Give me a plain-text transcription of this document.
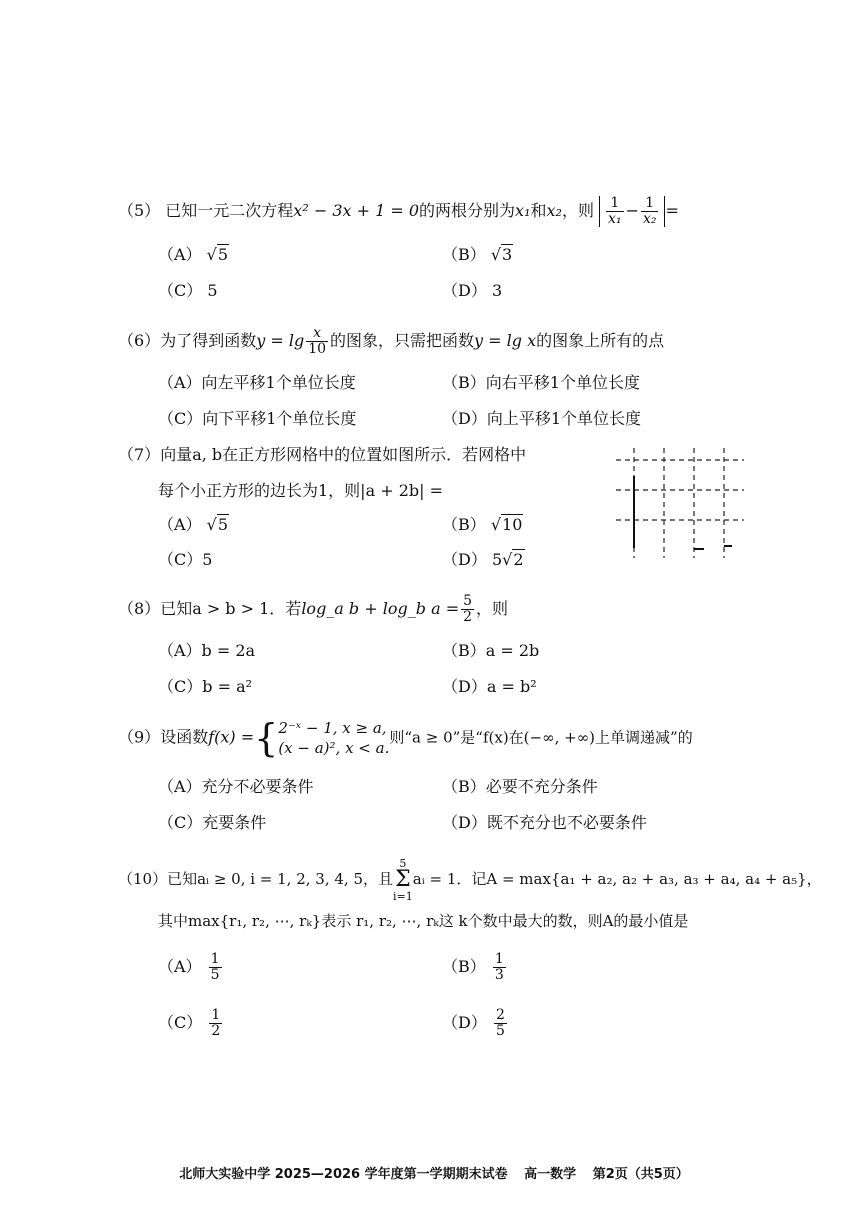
（5） 已知一元二次方程x² − 3x + 1 = 0的两根分别为x₁和x₂，则 $\frac{1}{\text{x₁}} - \frac{1}{\text{x₂}}$ =
（A） √5	（B） √3
（C） 5	（D） 3
（6）为了得到函数$y = \lg \frac{x}{10}$ 的图象，只需把函数y = lg x的图象上所有的点
（A）向左平移1个单位长度	（B）向右平移1个单位长度
（C）向下平移1个单位长度	（D）向上平移1个单位长度
（7）向量a, b在正方形网格中的位置如图所示．若网格中
每个小正方形的边长为1，则|a + 2b| =
（A） √5	（B） √10
（C）5	（D） 5√2
（8）已知a > b > 1．若log_a b + log_b $a = \frac{5}{2}$ ，则
（A）b = 2a	（B）a = 2b
（C）b = a²	（D）a = b²
（9）设函数f(x) ={ 2⁻ˣ − 1, x ≥ a,
(x − a)², x < a.
则“a ≥ 0”是“f(x)在(−∞, +∞)上单调递减”的
（A）充分不必要条件	（B）必要不充分条件
（C）充要条件	（D）既不充分也不必要条件
（10）已知aᵢ ≥ 0, i = 1, 2, 3, 4, 5，且5
Σ
i=1aᵢ = 1．记A = max{a₁ + a₂, a₂ + a₃, a₃ + a₄, a₄ + a₅}，
其中max{r₁, r₂, ⋯, rₖ}表示 r₁, r₂, ⋯, rₖ这 k个数中最大的数，则A的最小值是
$(A) \frac{1}{5}$	$(B) \frac{1}{3}$
$(C) \frac{1}{2}$	$(D) \frac{2}{5}$
北师大实验中学 2025—2026 学年度第一学期期末试卷 高一数学 第2页（共5页）
